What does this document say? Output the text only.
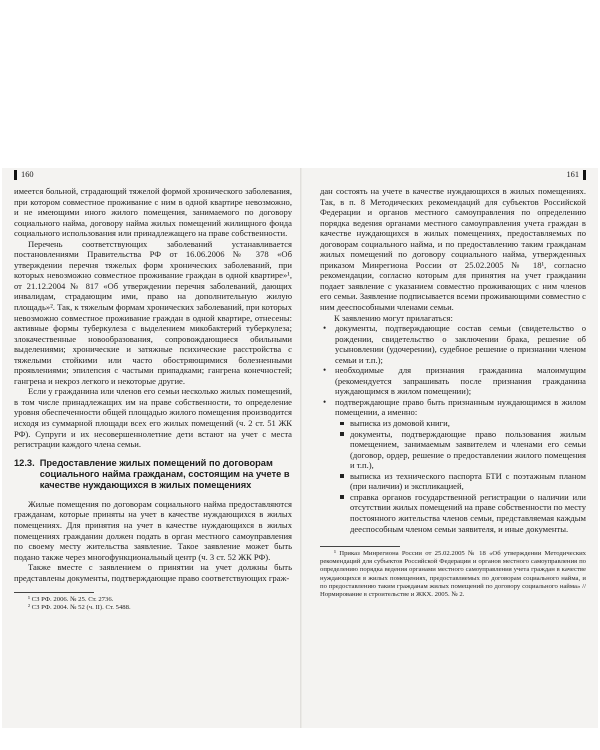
160

имеется больной, страдающий тяжелой формой хронического заболевания, при котором совместное проживание с ним в одной квартире невозможно, и не имеющими иного жилого помещения, занимаемого по договору социального найма, договору найма жилых помещений жилищного фонда социального использования или принадлежащего на праве собственности.

Перечень соответствующих заболеваний устанавливается постановлениями Правительства РФ от 16.06.2006 № 378 «Об утверждении перечня тяжелых форм хронических заболеваний, при которых невозможно совместное проживание граждан в одной квартире»¹, от 21.12.2004 № 817 «Об утверждении перечня заболеваний, дающих инвалидам, страдающим ими, право на дополнительную жилую площадь»². Так, к тяжелым формам хронических заболеваний, при которых невозможно совместное проживание граждан в одной квартире, отнесены: активные формы туберкулеза с выделением микобактерий туберкулеза; злокачественные новообразования, сопровождающиеся обильными выделениями; хронические и затяжные психические расстройства с тяжелыми стойкими или часто обостряющимися болезненными проявлениями; эпилепсия с частыми припадками; гангрена конечностей; гангрена и некроз легкого и некоторые другие.

Если у гражданина или членов его семьи несколько жилых помещений, в том числе принадлежащих им на праве собственности, то определение уровня обеспеченности общей площадью жилого помещения производится исходя из суммарной площади всех его жилых помещений (ч. 2 ст. 51 ЖК РФ). Супруги и их несовершеннолетние дети встают на учет с места регистрации каждого члена семьи.

12.3. Предоставление жилых помещений по договорам социального найма гражданам, состоящим на учете в качестве нуждающихся в жилых помещениях

Жилые помещения по договорам социального найма предоставляются гражданам, которые приняты на учет в качестве нуждающихся в жилых помещениях. Для принятия на учет в качестве нуждающихся в жилых помещениях гражданин должен подать в орган местного самоуправления по своему месту жительства заявление. Такое заявление может быть подано также через многофункциональный центр (ч. 3 ст. 52 ЖК РФ).

Также вместе с заявлением о принятии на учет должны быть представлены документы, подтверждающие право соответствующих граж-

¹ СЗ РФ. 2006. № 25. Ст. 2736.

² СЗ РФ. 2004. № 52 (ч. II). Ст. 5488.

161

дан состоять на учете в качестве нуждающихся в жилых помещениях. Так, в п. 8 Методических рекомендаций для субъектов Российской Федерации и органов местного самоуправления по определению порядка ведения органами местного самоуправления учета граждан в качестве нуждающихся в жилых помещениях, предоставляемых по договорам социального найма, и по предоставлению таким гражданам жилых помещений по договору социального найма, утвержденных приказом Минрегиона России от 25.02.2005 № 18¹, согласно рекомендации, согласно которым для принятия на учет гражданин подает заявление с указанием совместно проживающих с ним членов его семьи. Заявление подписывается всеми проживающими совместно с ним дееспособными членами семьи.

К заявлению могут прилагаться:

• документы, подтверждающие состав семьи (свидетельство о рождении, свидетельство о заключении брака, решение об усыновлении (удочерении), судебное решение о признании членом семьи и т.п.);
• необходимые для признания гражданина малоимущим (рекомендуется запрашивать после признания гражданина нуждающимся в жилом помещении);
• подтверждающие право быть признанным нуждающимся в жилом помещении, а именно:
выписка из домовой книги,
документы, подтверждающие право пользования жилым помещением, занимаемым заявителем и членами его семьи (договор, ордер, решение о предоставлении жилого помещения и т.п.),
выписка из технического паспорта БТИ с поэтажным планом (при наличии) и экспликацией,
справка органов государственной регистрации о наличии или отсутствии жилых помещений на праве собственности по месту постоянного жительства членов семьи, представляемая каждым дееспособным членом семьи заявителя, и иные документы.

¹ Приказ Минрегиона России от 25.02.2005 № 18 «Об утверждении Методических рекомендаций для субъектов Российской Федерации и органов местного самоуправления по определению порядка ведения органами местного самоуправления учета граждан в качестве нуждающихся в жилых помещениях, предоставляемых по договорам социального найма, и по предоставлению таким гражданам жилых помещений по договору социального найма» // Нормирование в строительстве и ЖКХ. 2005. № 2.
